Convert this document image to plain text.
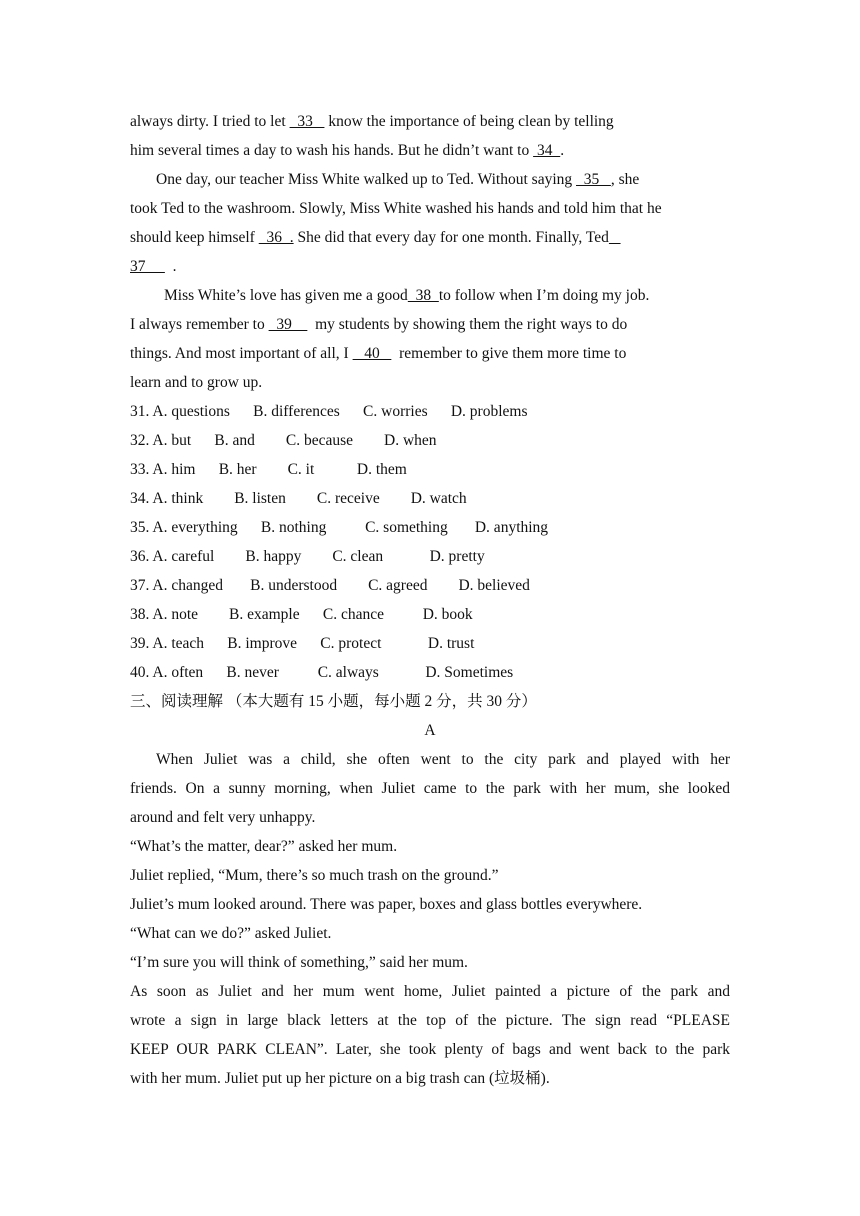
always dirty. I tried to let   33    know the importance of being clean by telling
him several times a day to wash his hands. But he didn’t want to  34  .
One day, our teacher Miss White walked up to Ted. Without saying   35   , she
took Ted to the washroom. Slowly, Miss White washed his hands and told him that he
should keep himself   36  . She did that every day for one month. Finally, Ted
37       .
Miss White’s love has given me a good  38  to follow when I’m doing my job.
I always remember to   39      my students by showing them the right ways to do
things. And most important of all, I    40     remember to give them more time to
learn and to grow up.
31. A. questions      B. differences      C. worries      D. problems
32. A. but      B. and        C. because        D. when
33. A. him      B. her        C. it           D. them
34. A. think        B. listen        C. receive        D. watch
35. A. everything      B. nothing          C. something       D. anything
36. A. careful        B. happy        C. clean            D. pretty
37. A. changed       B. understood        C. agreed        D. believed
38. A. note        B. example      C. chance          D. book
39. A. teach      B. improve      C. protect            D. trust
40. A. often      B. never          C. always            D. Sometimes
三、阅读理解 （本大题有 15 小题，每小题 2 分，共 30 分）
A
When Juliet was a child, she often went to the city park and played with her
friends. On a sunny morning, when Juliet came to the park with her mum, she looked
around and felt very unhappy.
“What’s the matter, dear?” asked her mum.
Juliet replied, “Mum, there’s so much trash on the ground.”
Juliet’s mum looked around. There was paper, boxes and glass bottles everywhere.
“What can we do?” asked Juliet.
“I’m sure you will think of something,” said her mum.
As soon as Juliet and her mum went home, Juliet painted a picture of the park and
wrote a sign in large black letters at the top of the picture. The sign read “PLEASE
KEEP OUR PARK CLEAN”. Later, she took plenty of bags and went back to the park
with her mum. Juliet put up her picture on a big trash can (垃圾桶).
